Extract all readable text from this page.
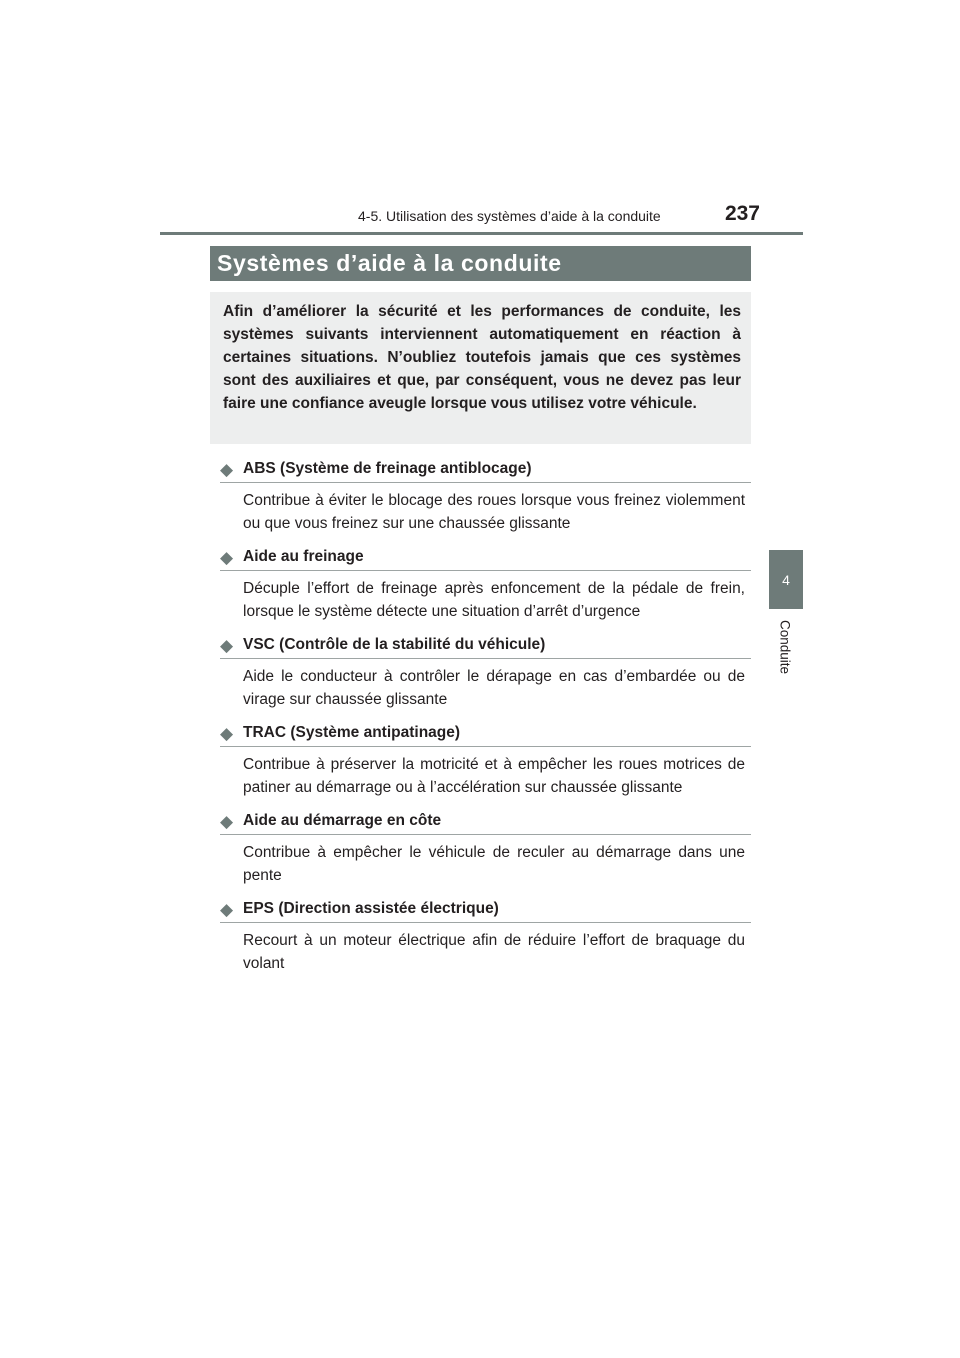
4-5. Utilisation des systèmes d’aide à la conduite	237
4
Conduite
Systèmes d’aide à la conduite

Afin d’améliorer la sécurité et les performances de conduite, les systèmes suivants interviennent automatiquement en réaction à certaines situations. N’oubliez toutefois jamais que ces systèmes sont des auxiliaires et que, par conséquent, vous ne devez pas leur faire une confiance aveugle lorsque vous utilisez votre véhicule.

◆ ABS (Système de freinage antiblocage)

Contribue à éviter le blocage des roues lorsque vous freinez violemment ou que vous freinez sur une chaussée glissante

◆ Aide au freinage

Décuple l’effort de freinage après enfoncement de la pédale de frein, lorsque le système détecte une situation d’arrêt d’urgence

◆ VSC (Contrôle de la stabilité du véhicule)

Aide le conducteur à contrôler le dérapage en cas d’embardée ou de virage sur chaussée glissante

◆ TRAC (Système antipatinage)

Contribue à préserver la motricité et à empêcher les roues motrices de patiner au démarrage ou à l’accélération sur chaussée glissante

◆ Aide au démarrage en côte

Contribue à empêcher le véhicule de reculer au démarrage dans une pente

◆ EPS (Direction assistée électrique)

Recourt à un moteur électrique afin de réduire l’effort de braquage du volant
